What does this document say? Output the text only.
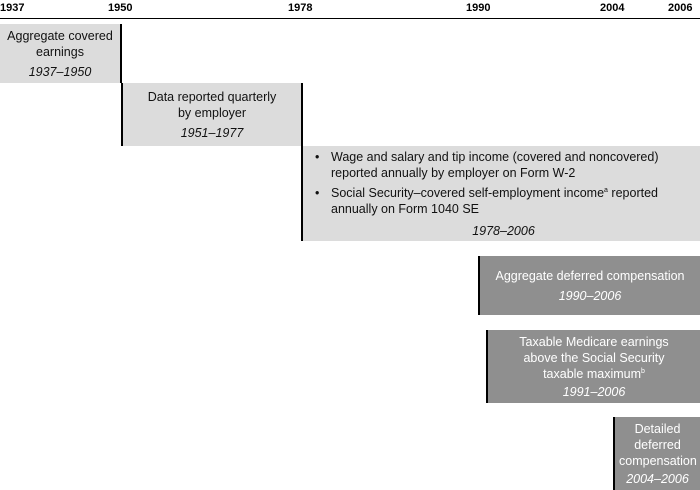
1937	1950	1978	1990	2004	2006
Aggregate covered earnings
1937–1950
Data reported quarterly by employer
1951–1977
• Wage and salary and tip income (covered and noncovered) reported annually by employer on Form W-2
• Social Security–covered self-employment income$^a$ reported annually on Form 1040 SE
1978–2006
Aggregate deferred compensation
1990–2006
Taxable Medicare earnings above the Social Security taxable maximum$^b$
1991–2006
Detailed deferred compensation
2004–2006
